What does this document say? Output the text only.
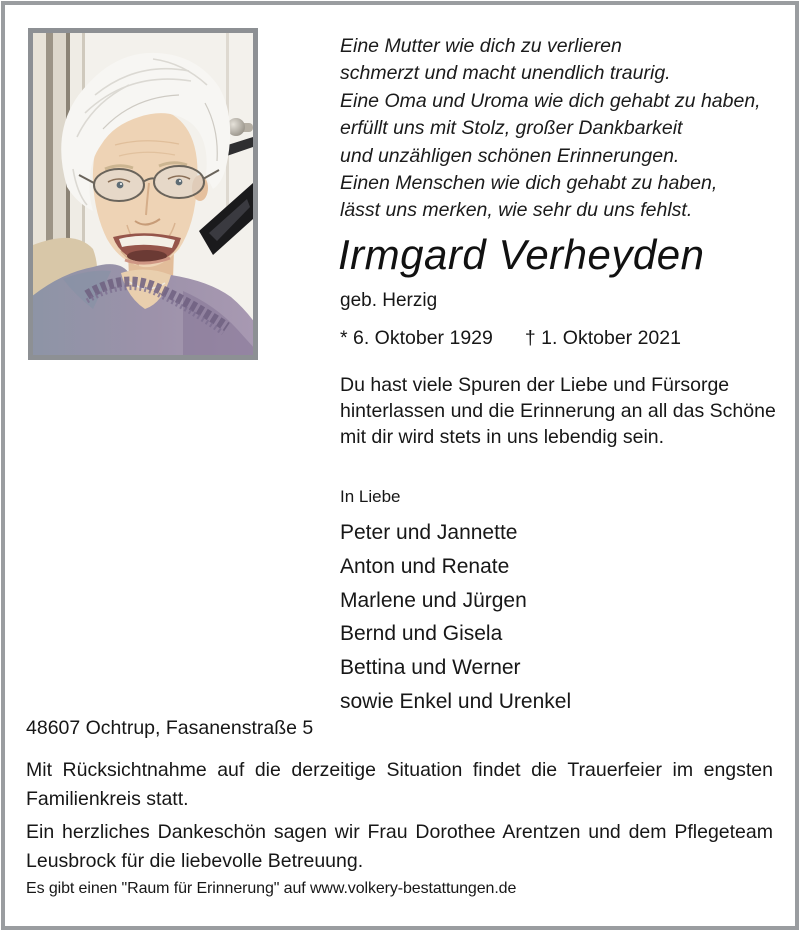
Eine Mutter wie dich zu verlieren
schmerzt und macht unendlich traurig.
Eine Oma und Uroma wie dich gehabt zu haben,
erfüllt uns mit Stolz, großer Dankbarkeit
und unzähligen schönen Erinnerungen.
Einen Menschen wie dich gehabt zu haben,
lässt uns merken, wie sehr du uns fehlst.
Irmgard Verheyden
geb. Herzig
* 6. Oktober 1929 † 1. Oktober 2021
Du hast viele Spuren der Liebe und Fürsorge
hinterlassen und die Erinnerung an all das Schöne
mit dir wird stets in uns lebendig sein.
In Liebe
Peter und Jannette
Anton und Renate
Marlene und Jürgen
Bernd und Gisela
Bettina und Werner
sowie Enkel und Urenkel
48607 Ochtrup, Fasanenstraße 5
Mit Rücksichtnahme auf die derzeitige Situation findet die Trauerfeier im engsten
Familienkreis statt.
Ein herzliches Dankeschön sagen wir Frau Dorothee Arentzen und dem Pflegeteam
Leusbrock für die liebevolle Betreuung.
Es gibt einen "Raum für Erinnerung" auf www.volkery-bestattungen.de
